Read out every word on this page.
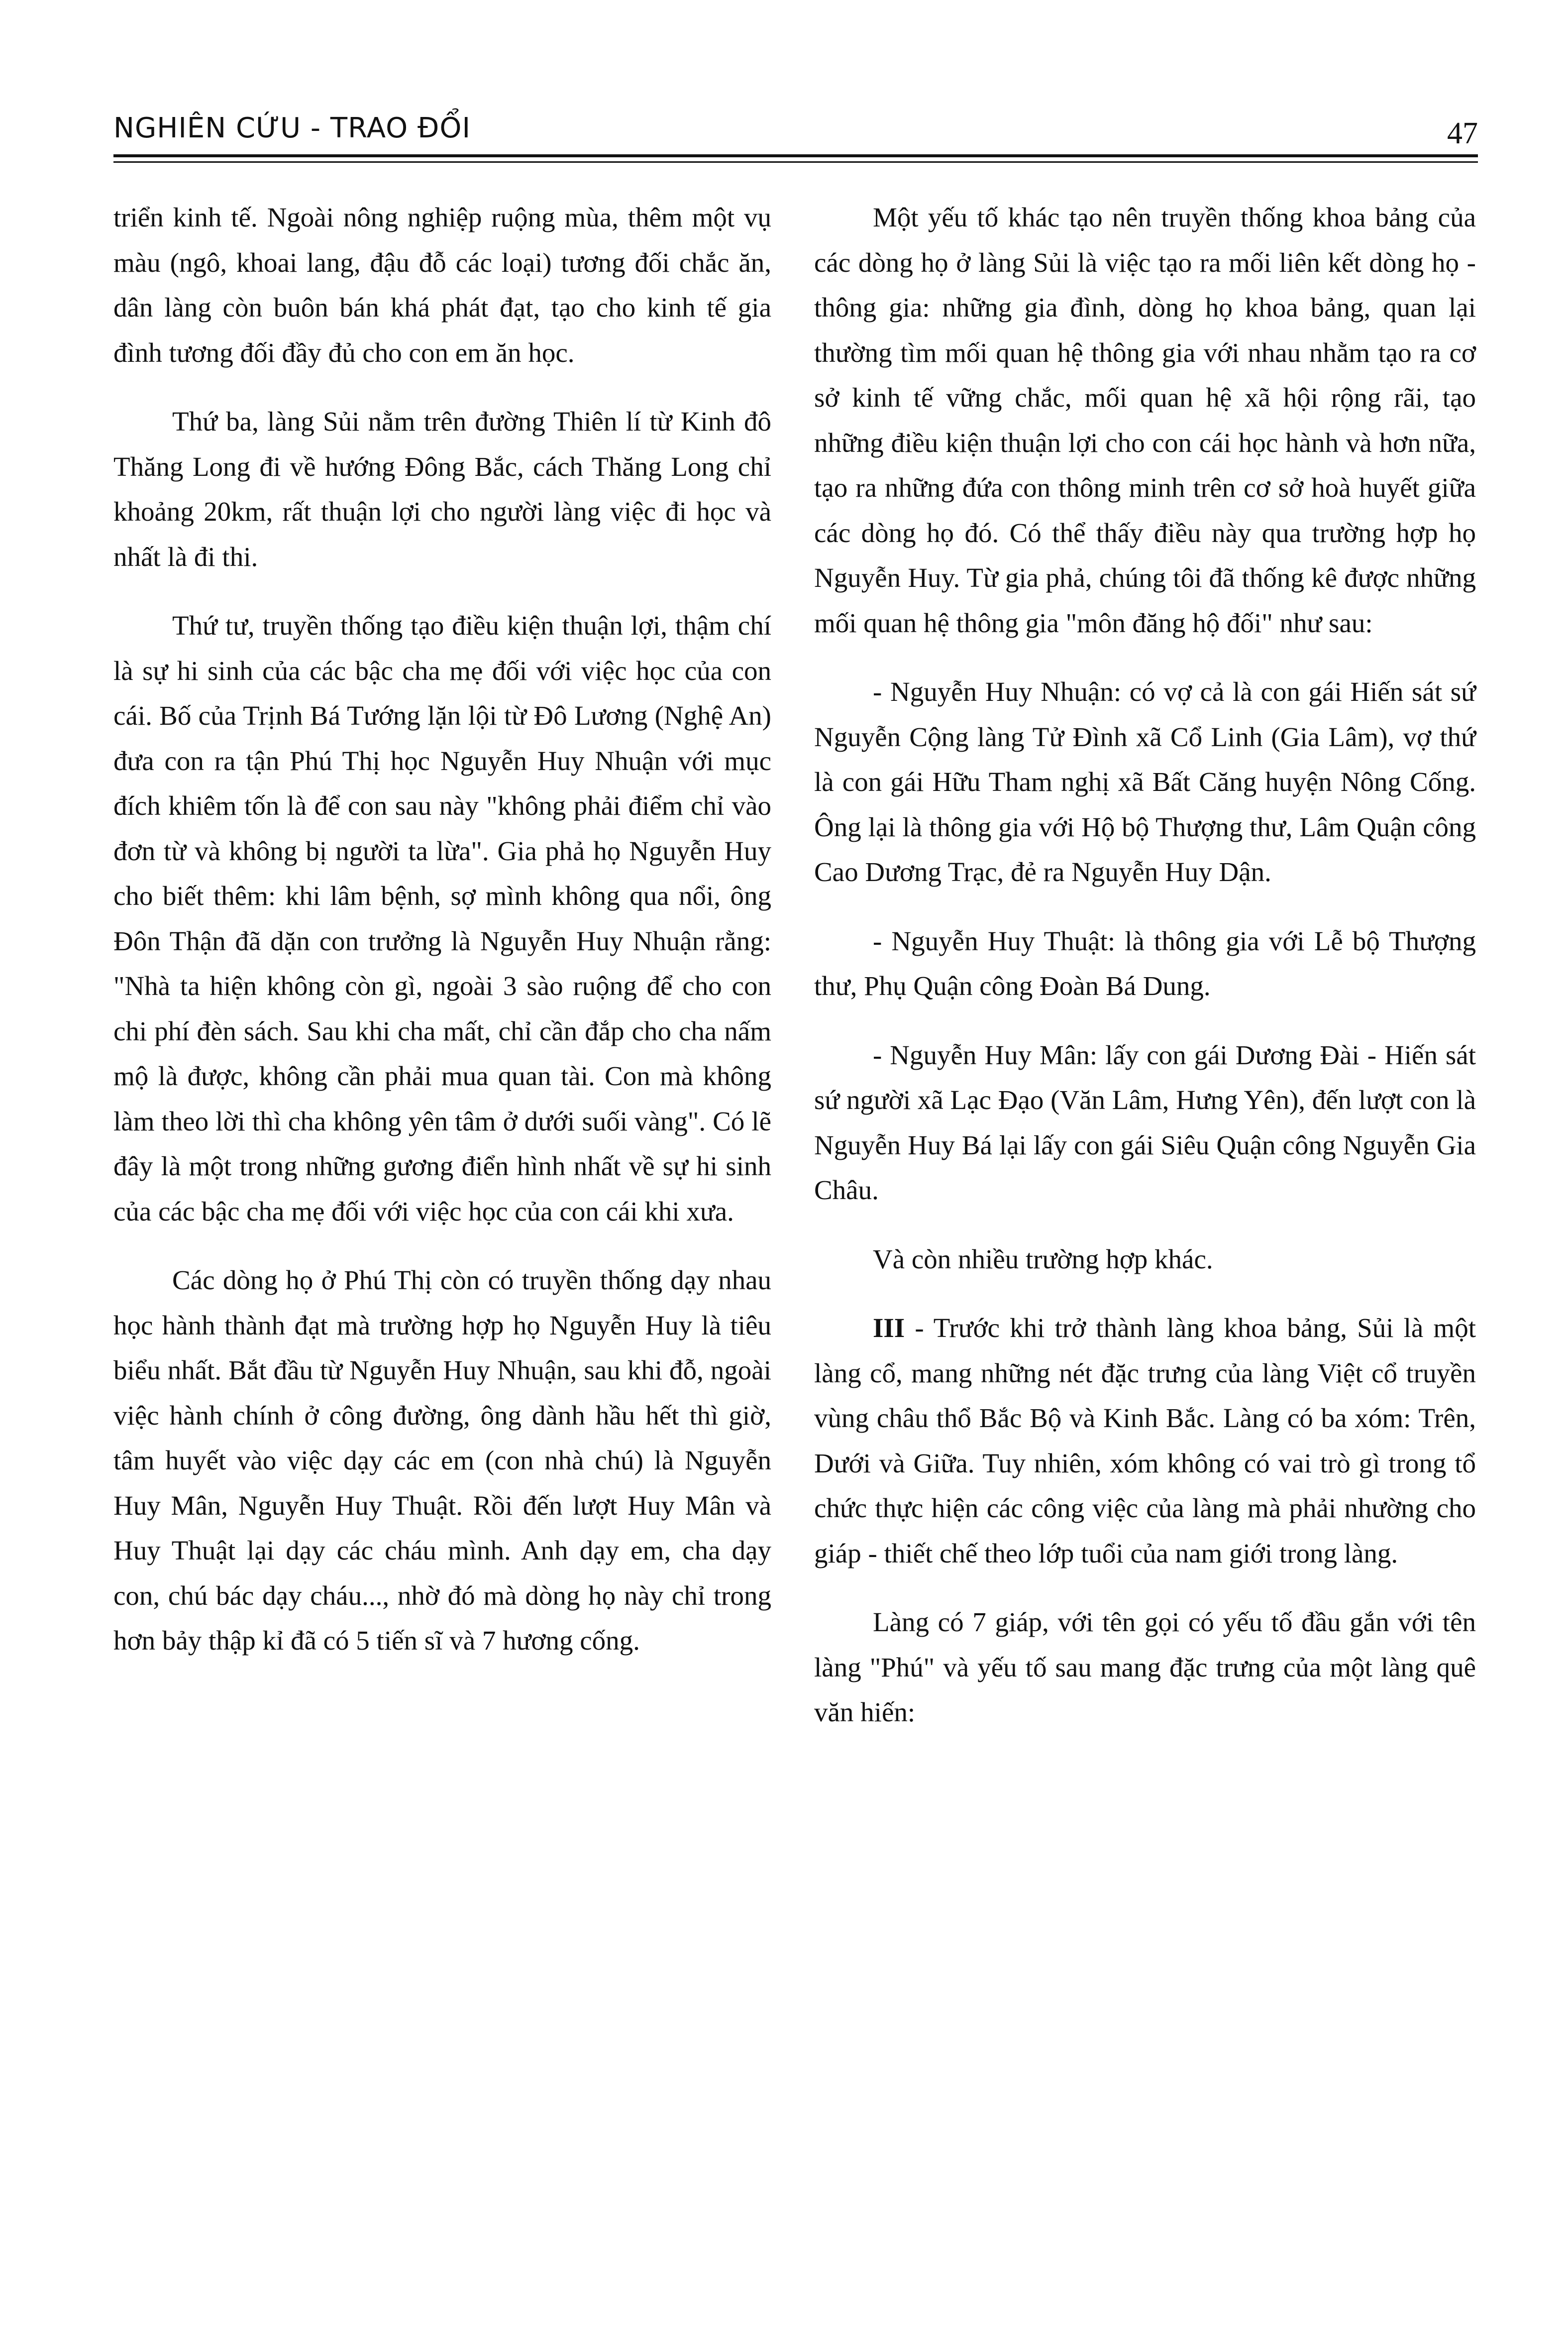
NGHIÊN CỨU - TRAO ĐỔI	47

triển kinh tế. Ngoài nông nghiệp ruộng mùa, thêm một vụ màu (ngô, khoai lang, đậu đỗ các loại) tương đối chắc ăn, dân làng còn buôn bán khá phát đạt, tạo cho kinh tế gia đình tương đối đầy đủ cho con em ăn học.

Thứ ba, làng Sủi nằm trên đường Thiên lí từ Kinh đô Thăng Long đi về hướng Đông Bắc, cách Thăng Long chỉ khoảng 20km, rất thuận lợi cho người làng việc đi học và nhất là đi thi.

Thứ tư, truyền thống tạo điều kiện thuận lợi, thậm chí là sự hi sinh của các bậc cha mẹ đối với việc học của con cái. Bố của Trịnh Bá Tướng lặn lội từ Đô Lương (Nghệ An) đưa con ra tận Phú Thị học Nguyễn Huy Nhuận với mục đích khiêm tốn là để con sau này "không phải điểm chỉ vào đơn từ và không bị người ta lừa". Gia phả họ Nguyễn Huy cho biết thêm: khi lâm bệnh, sợ mình không qua nổi, ông Đôn Thận đã dặn con trưởng là Nguyễn Huy Nhuận rằng: "Nhà ta hiện không còn gì, ngoài 3 sào ruộng để cho con chi phí đèn sách. Sau khi cha mất, chỉ cần đắp cho cha nấm mộ là được, không cần phải mua quan tài. Con mà không làm theo lời thì cha không yên tâm ở dưới suối vàng". Có lẽ đây là một trong những gương điển hình nhất về sự hi sinh của các bậc cha mẹ đối với việc học của con cái khi xưa.

Các dòng họ ở Phú Thị còn có truyền thống dạy nhau học hành thành đạt mà trường hợp họ Nguyễn Huy là tiêu biểu nhất. Bắt đầu từ Nguyễn Huy Nhuận, sau khi đỗ, ngoài việc hành chính ở công đường, ông dành hầu hết thì giờ, tâm huyết vào việc dạy các em (con nhà chú) là Nguyễn Huy Mân, Nguyễn Huy Thuật. Rồi đến lượt Huy Mân và Huy Thuật lại dạy các cháu mình. Anh dạy em, cha dạy con, chú bác dạy cháu..., nhờ đó mà dòng họ này chỉ trong hơn bảy thập kỉ đã có 5 tiến sĩ và 7 hương cống.

Một yếu tố khác tạo nên truyền thống khoa bảng của các dòng họ ở làng Sủi là việc tạo ra mối liên kết dòng họ - thông gia: những gia đình, dòng họ khoa bảng, quan lại thường tìm mối quan hệ thông gia với nhau nhằm tạo ra cơ sở kinh tế vững chắc, mối quan hệ xã hội rộng rãi, tạo những điều kiện thuận lợi cho con cái học hành và hơn nữa, tạo ra những đứa con thông minh trên cơ sở hoà huyết giữa các dòng họ đó. Có thể thấy điều này qua trường hợp họ Nguyễn Huy. Từ gia phả, chúng tôi đã thống kê được những mối quan hệ thông gia "môn đăng hộ đối" như sau:

- Nguyễn Huy Nhuận: có vợ cả là con gái Hiến sát sứ Nguyễn Cộng làng Tử Đình xã Cổ Linh (Gia Lâm), vợ thứ là con gái Hữu Tham nghị xã Bất Căng huyện Nông Cống. Ông lại là thông gia với Hộ bộ Thượng thư, Lâm Quận công Cao Dương Trạc, đẻ ra Nguyễn Huy Dận.

- Nguyễn Huy Thuật: là thông gia với Lễ bộ Thượng thư, Phụ Quận công Đoàn Bá Dung.

- Nguyễn Huy Mân: lấy con gái Dương Đài - Hiến sát sứ người xã Lạc Đạo (Văn Lâm, Hưng Yên), đến lượt con là Nguyễn Huy Bá lại lấy con gái Siêu Quận công Nguyễn Gia Châu.

Và còn nhiều trường hợp khác.

III - Trước khi trở thành làng khoa bảng, Sủi là một làng cổ, mang những nét đặc trưng của làng Việt cổ truyền vùng châu thổ Bắc Bộ và Kinh Bắc. Làng có ba xóm: Trên, Dưới và Giữa. Tuy nhiên, xóm không có vai trò gì trong tổ chức thực hiện các công việc của làng mà phải nhường cho giáp - thiết chế theo lớp tuổi của nam giới trong làng.

Làng có 7 giáp, với tên gọi có yếu tố đầu gắn với tên làng "Phú" và yếu tố sau mang đặc trưng của một làng quê văn hiến:
